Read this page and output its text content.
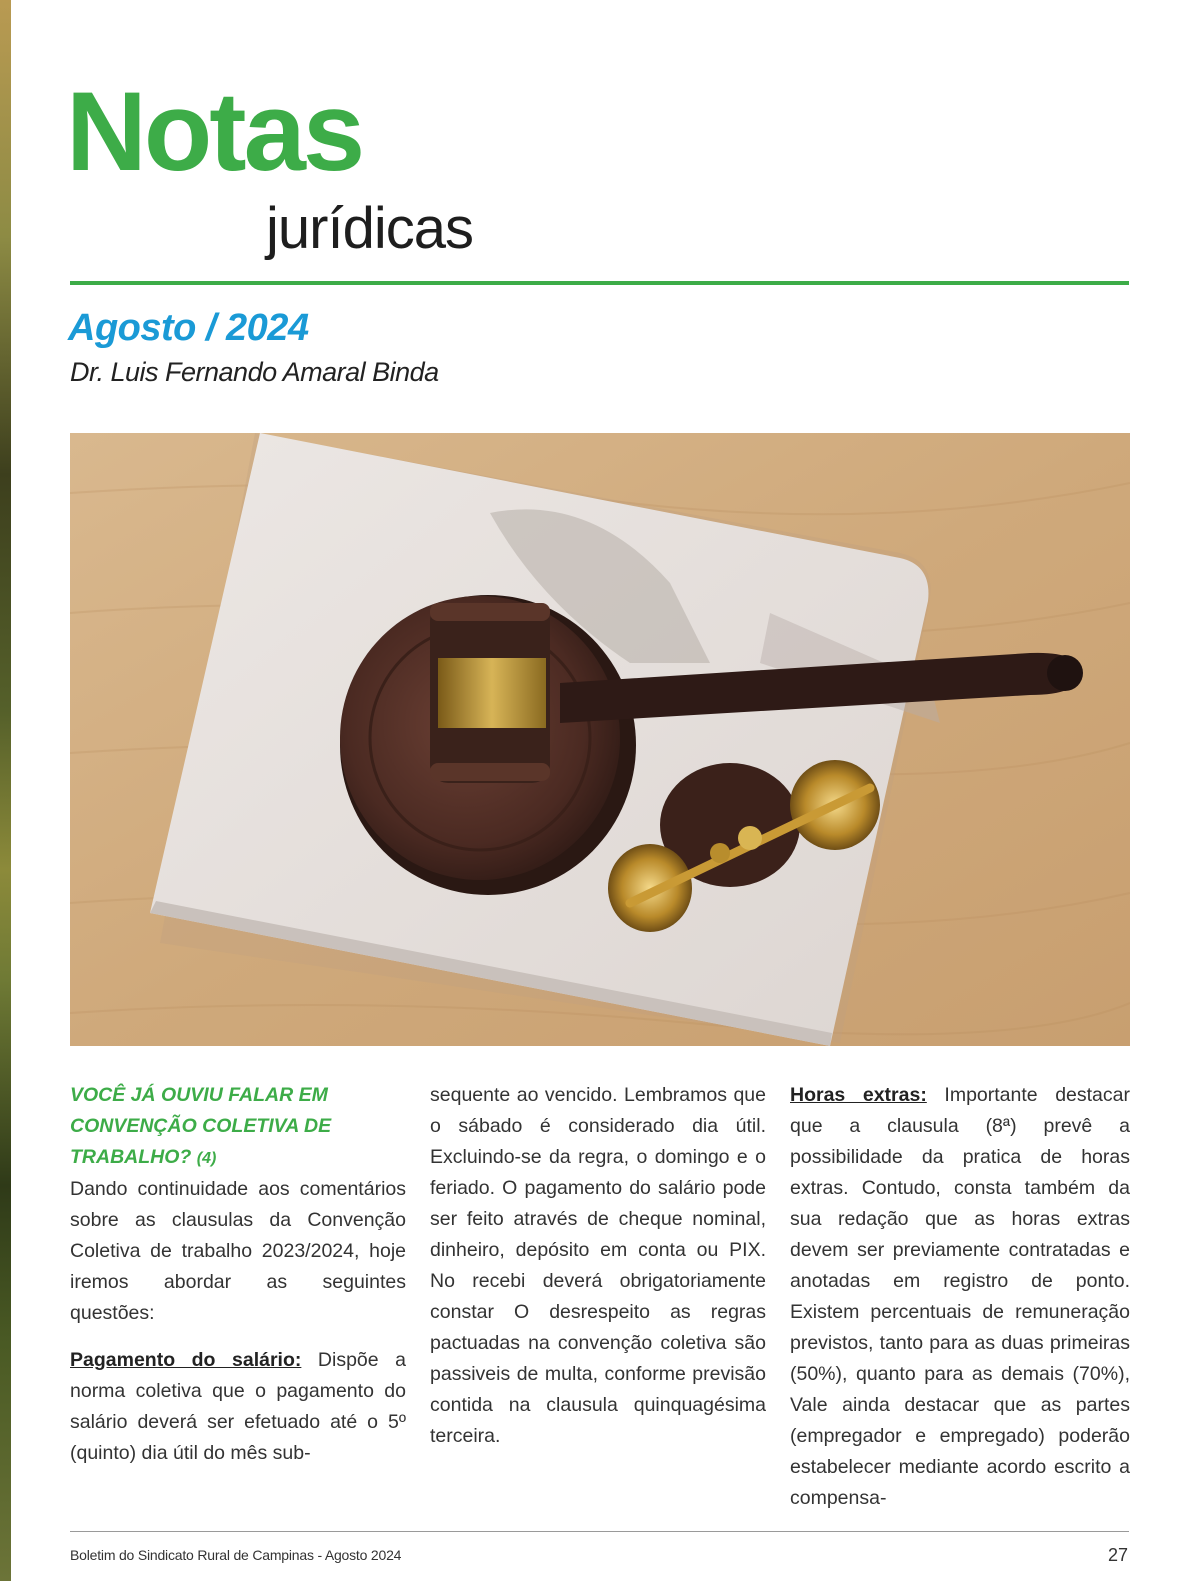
Notas
jurídicas
Agosto / 2024
Dr. Luis Fernando Amaral Binda

VOCÊ JÁ OUVIU FALAR EM CONVENÇÃO COLETIVA DE TRABALHO? (4)

Dando continuidade aos comentários sobre as clausulas da Convenção Coletiva de trabalho 2023/2024, hoje iremos abordar as seguintes questões:

Pagamento do salário: Dispõe a norma coletiva que o pagamento do salário deverá ser efetuado até o 5º (quinto) dia útil do mês sub-

sequente ao vencido. Lembramos que o sábado é considerado dia útil. Excluindo-se da regra, o domingo e o feriado. O pagamento do salário pode ser feito através de cheque nominal, dinheiro, depósito em conta ou PIX. No recebi deverá obrigatoriamente constar O desrespeito as regras pactuadas na convenção coletiva são passiveis de multa, conforme previsão contida na clausula quinquagésima terceira.

Horas extras: Importante destacar que a clausula (8ª) prevê a possibilidade da pratica de horas extras. Contudo, consta também da sua redação que as horas extras devem ser previamente contratadas e anotadas em registro de ponto. Existem percentuais de remuneração previstos, tanto para as duas primeiras (50%), quanto para as demais (70%), Vale ainda destacar que as partes (empregador e empregado) poderão estabelecer mediante acordo escrito a compensa-

Boletim do Sindicato Rural de Campinas - Agosto 2024	27
